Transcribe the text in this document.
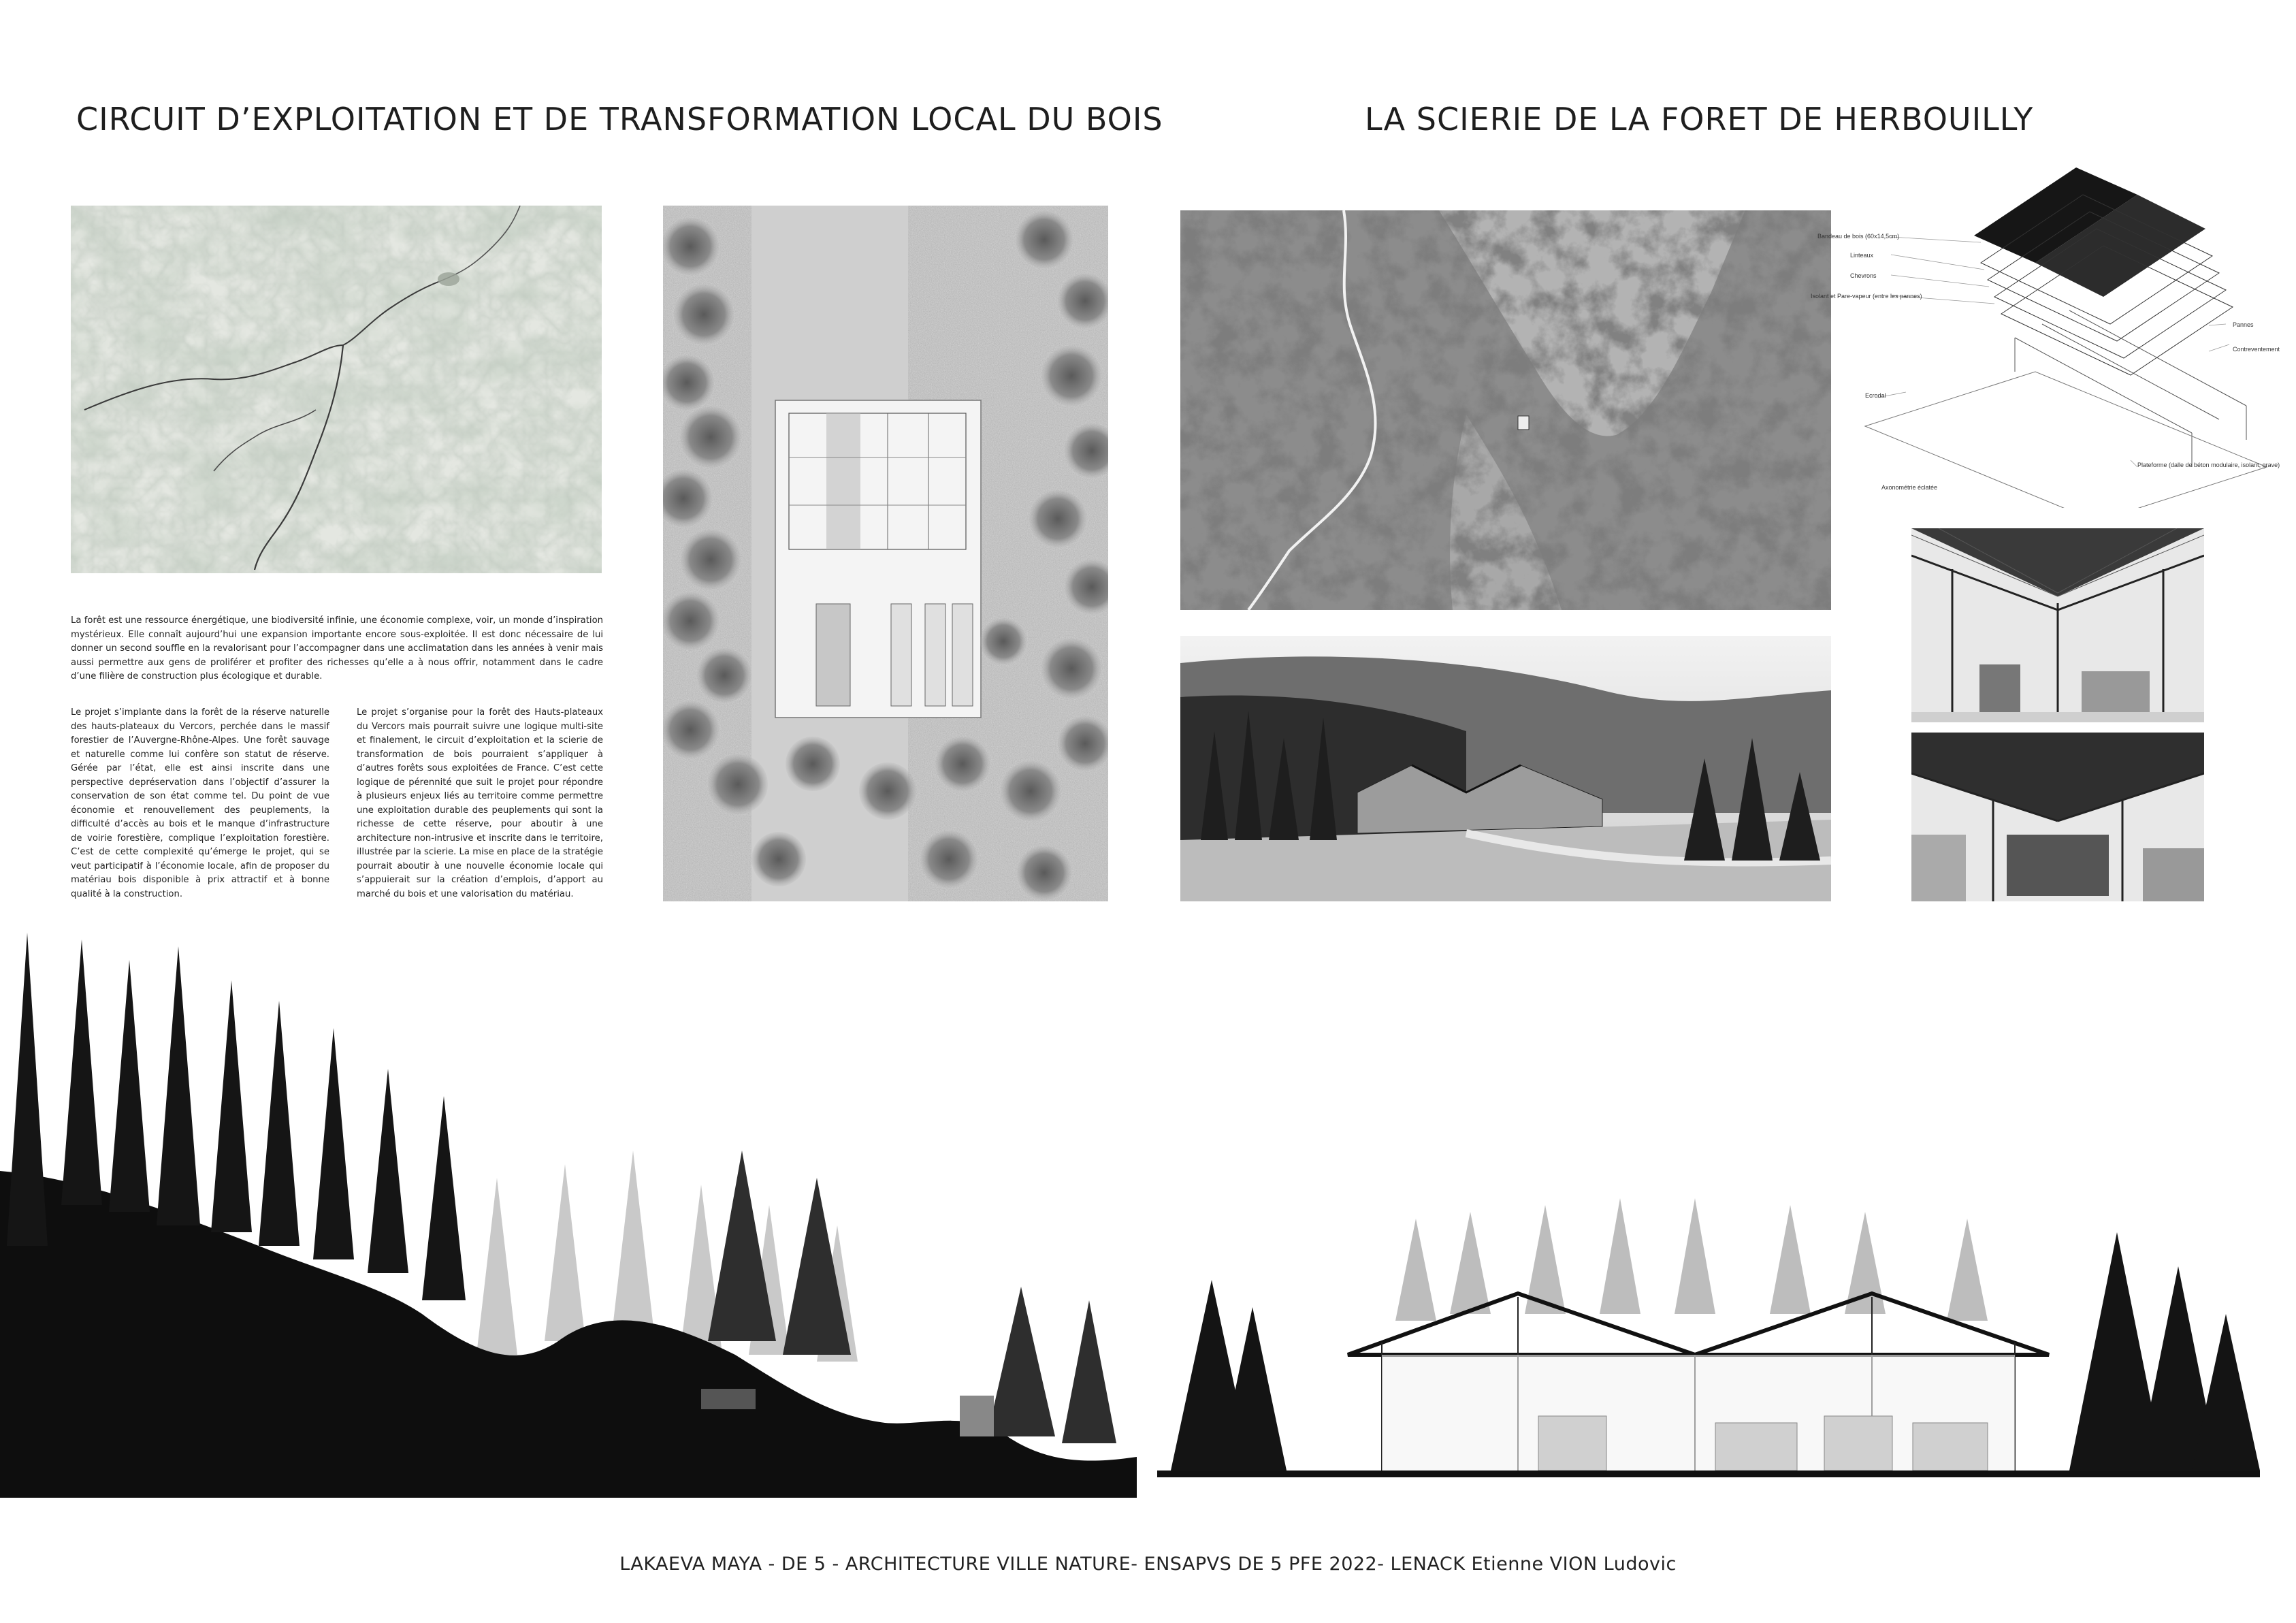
CIRCUIT D’EXPLOITATION ET DE TRANSFORMATION LOCAL DU BOIS	LA SCIERIE DE LA FORET DE HERBOUILLY
La forêt est une ressource énergétique, une biodiversité infinie, une économie complexe, voir, un monde d’inspiration mystérieux. Elle connaît aujourd’hui une expansion importante encore sous-exploitée. Il est donc nécessaire de lui donner un second souffle en la revalorisant pour l’accompagner dans une acclimatation dans les années à venir mais aussi permettre aux gens de proliférer et profiter des richesses qu’elle a à nous offrir, notamment dans le cadre d’une filière de construction plus écologique et durable.
Le projet s’implante dans la forêt de la réserve naturelle des hauts-plateaux du Vercors, perchée dans le massif forestier de l’Auvergne-Rhône-Alpes. Une forêt sauvage et naturelle comme lui confère son statut de réserve. Gérée par l’état, elle est ainsi inscrite dans une perspective depréservation dans l’objectif d’assurer la conservation de son état comme tel. Du point de vue économie et renouvellement des peuplements, la difficulté d’accès au bois et le manque d’infrastructure de voirie forestière, complique l’exploitation forestière. C’est de cette complexité qu’émerge le projet, qui se veut participatif à l’économie locale, afin de proposer du matériau bois disponible à prix attractif et à bonne qualité à la construction.
Le projet s’organise pour la forêt des Hauts-plateaux du Vercors mais pourrait suivre une logique multi-site et finalement, le circuit d’exploitation et la scierie de transformation de bois pourraient s’appliquer à d’autres forêts sous exploitées de France. C’est cette logique de pérennité que suit le projet pour répondre à plusieurs enjeux liés au territoire comme permettre une exploitation durable des peuplements qui sont la richesse de cette réserve, pour aboutir à une architecture non-intrusive et inscrite dans le territoire, illustrée par la scierie. La mise en place de la stratégie pourrait aboutir à une nouvelle économie locale qui s’appuierait sur la création d’emplois, d’apport au marché du bois et une valorisation du matériau.
Bandeau de bois (60x14,5cm)
Linteaux
Chevrons
Isolant et Pare-vapeur (entre les pannes)
Pannes
Contreventement
Ecrodal
Plateforme (dalle de béton modulaire, isolant, grave)
Axonométrie éclatée
LAKAEVA MAYA - DE 5 - ARCHITECTURE VILLE NATURE- ENSAPVS DE 5 PFE 2022- LENACK Etienne VION Ludovic
